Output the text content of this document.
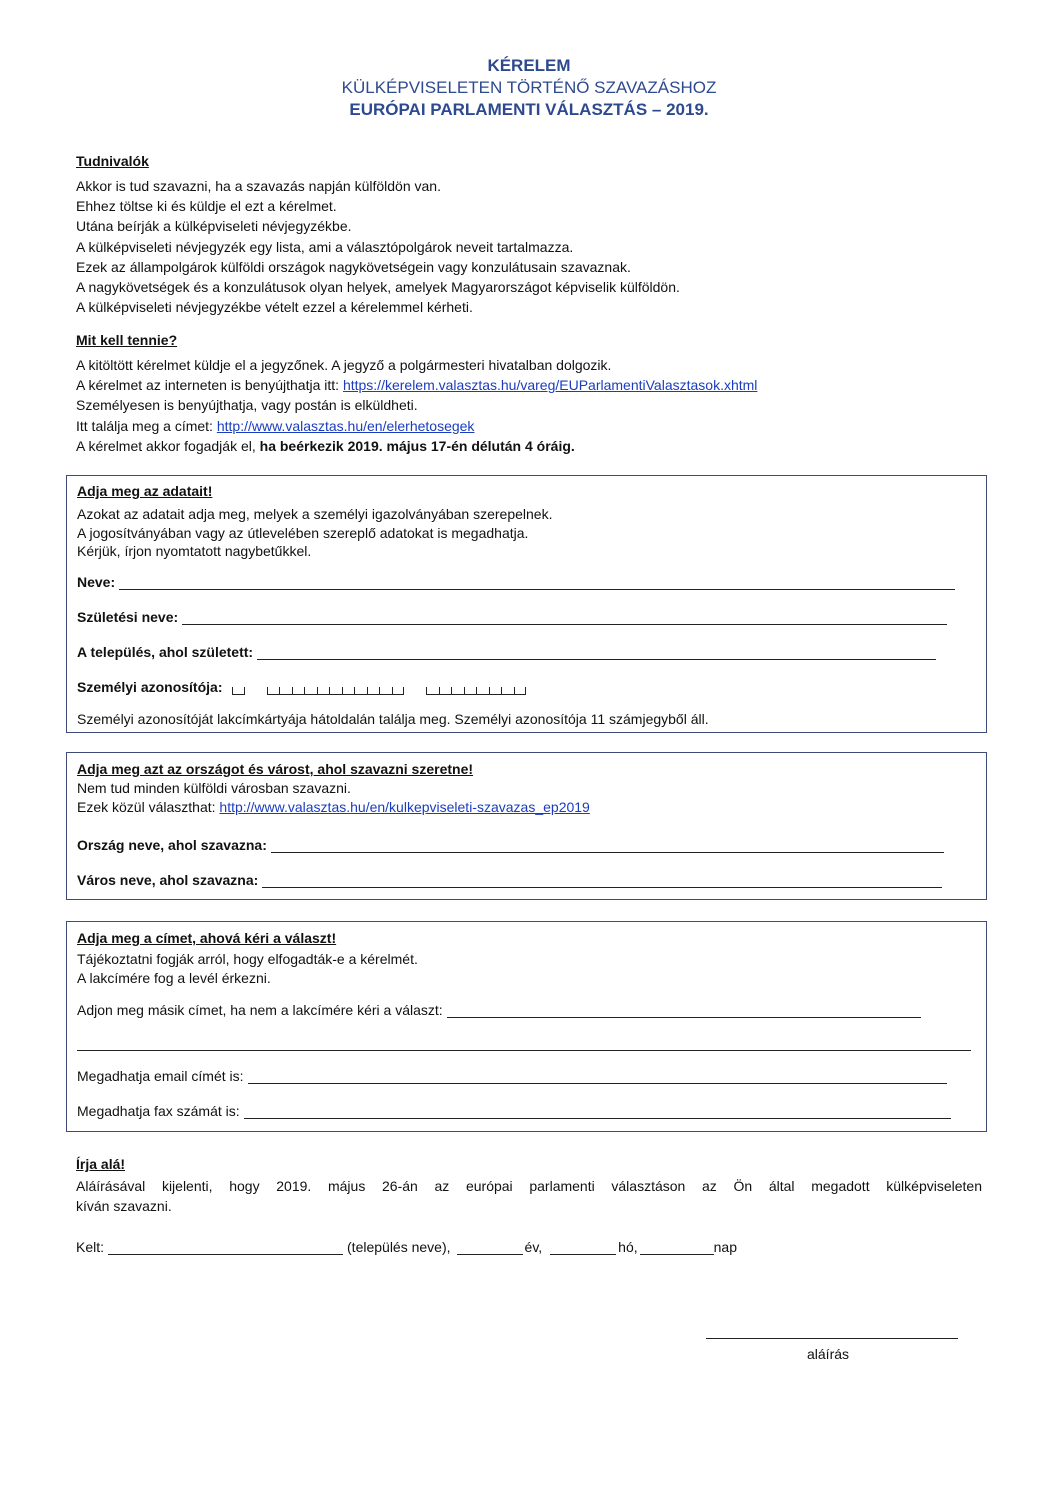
KÉRELEM

KÜLKÉPVISELETEN TÖRTÉNŐ SZAVAZÁSHOZ

EURÓPAI PARLAMENTI VÁLASZTÁS – 2019.

Tudnivalók
Akkor is tud szavazni, ha a szavazás napján külföldön van.
Ehhez töltse ki és küldje el ezt a kérelmet.
Utána beírják a külképviseleti névjegyzékbe.
A külképviseleti névjegyzék egy lista, ami a választópolgárok neveit tartalmazza.
Ezek az állampolgárok külföldi országok nagykövetségein vagy konzulátusain szavaznak.
A nagykövetségek és a konzulátusok olyan helyek, amelyek Magyarországot képviselik külföldön.
A külképviseleti névjegyzékbe vételt ezzel a kérelemmel kérheti.
Mit kell tennie?
A kitöltött kérelmet küldje el a jegyzőnek. A jegyző a polgármesteri hivatalban dolgozik.
A kérelmet az interneten is benyújthatja itt: https://kerelem.valasztas.hu/vareg/EUParlamentiValasztasok.xhtml
Személyesen is benyújthatja, vagy postán is elküldheti.
Itt találja meg a címet: http://www.valasztas.hu/en/elerhetosegek
A kérelmet akkor fogadják el, ha beérkezik 2019. május 17-én délután 4 óráig.
Adja meg az adatait!
Azokat az adatait adja meg, melyek a személyi igazolványában szerepelnek.
A jogosítványában vagy az útlevelében szereplő adatokat is megadhatja.
Kérjük, írjon nyomtatott nagybetűkkel.
Neve:
Születési neve:
A település, ahol született:
Személyi azonosítója:
Személyi azonosítóját lakcímkártyája hátoldalán találja meg. Személyi azonosítója 11 számjegyből áll.
Adja meg azt az országot és várost, ahol szavazni szeretne!
Nem tud minden külföldi városban szavazni.
Ezek közül választhat: http://www.valasztas.hu/en/kulkepviseleti-szavazas_ep2019
Ország neve, ahol szavazna:
Város neve, ahol szavazna:
Adja meg a címet, ahová kéri a választ!
Tájékoztatni fogják arról, hogy elfogadták-e a kérelmét.
A lakcímére fog a levél érkezni.
Adjon meg másik címet, ha nem a lakcímére kéri a választ:
Megadhatja email címét is:
Megadhatja fax számát is:
Írja alá!
Aláírásával kijelenti, hogy 2019. május 26-án az európai parlamenti választáson az Ön által megadott külképviseleten
kíván szavazni.
Kelt:	(település neve),	év,	hó,	nap
aláírás
